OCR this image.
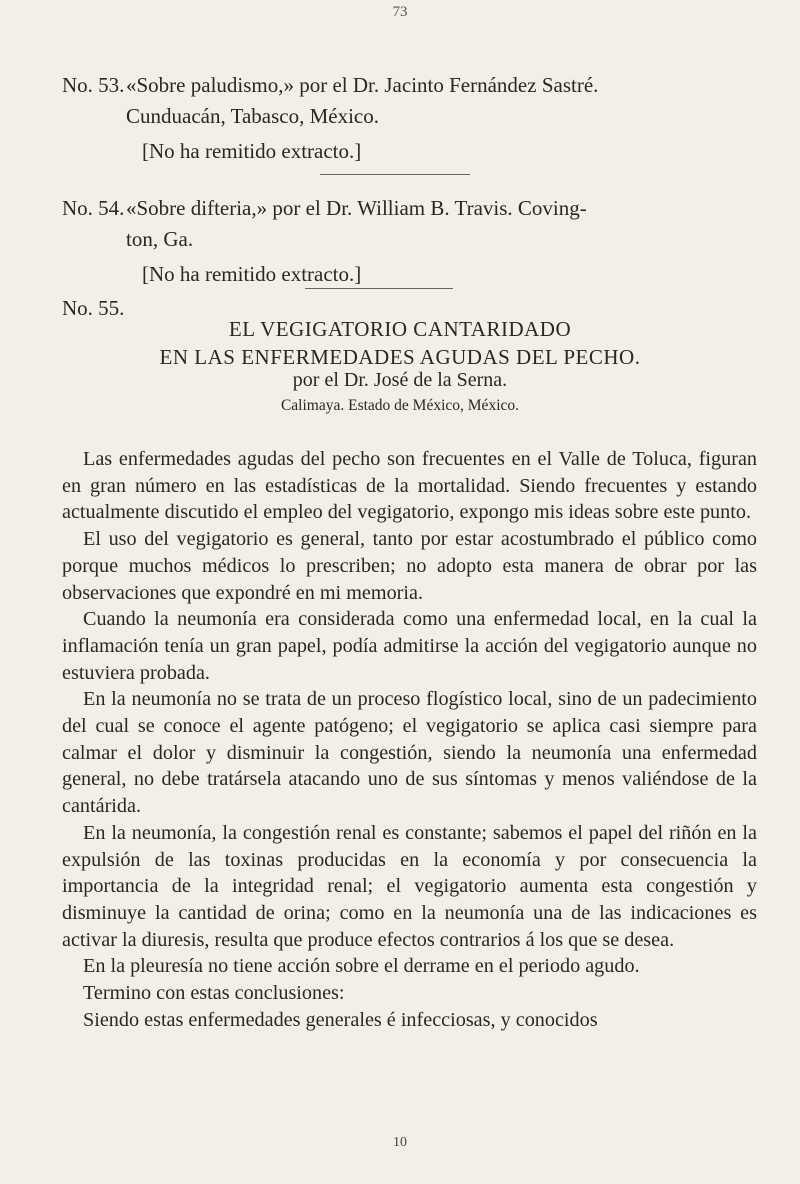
73
No. 53.«Sobre paludismo,» por el Dr. Jacinto Fernández Sastré.
Cunduacán, Tabasco, México.
[No ha remitido extracto.]
No. 54.«Sobre difteria,» por el Dr. William B. Travis. Coving-
ton, Ga.
[No ha remitido extracto.]
No. 55.
EL VEGIGATORIO CANTARIDADO
EN LAS ENFERMEDADES AGUDAS DEL PECHO.
por el Dr. José de la Serna.
Calimaya. Estado de México, México.

Las enfermedades agudas del pecho son frecuentes en el Valle de Toluca, figuran en gran número en las estadísticas de la mortalidad. Siendo frecuentes y estando actualmente discutido el empleo del vegigatorio, expongo mis ideas sobre este punto.

El uso del vegigatorio es general, tanto por estar acostumbrado el público como porque muchos médicos lo prescriben; no adopto esta manera de obrar por las observaciones que expondré en mi memoria.

Cuando la neumonía era considerada como una enfermedad local, en la cual la inflamación tenía un gran papel, podía admitirse la acción del vegigatorio aunque no estuviera probada.

En la neumonía no se trata de un proceso flogístico local, sino de un padecimiento del cual se conoce el agente patógeno; el vegigatorio se aplica casi siempre para calmar el dolor y disminuir la congestión, siendo la neumonía una enfermedad general, no debe tratársela atacando uno de sus síntomas y menos valiéndose de la cantárida.

En la neumonía, la congestión renal es constante; sabemos el papel del riñón en la expulsión de las toxinas producidas en la economía y por consecuencia la importancia de la integridad renal; el vegigatorio aumenta esta congestión y disminuye la cantidad de orina; como en la neumonía una de las indicaciones es activar la diuresis, resulta que produce efectos contrarios á los que se desea.

En la pleuresía no tiene acción sobre el derrame en el periodo agudo.

Termino con estas conclusiones:

Siendo estas enfermedades generales é infecciosas, y conocidos

10
